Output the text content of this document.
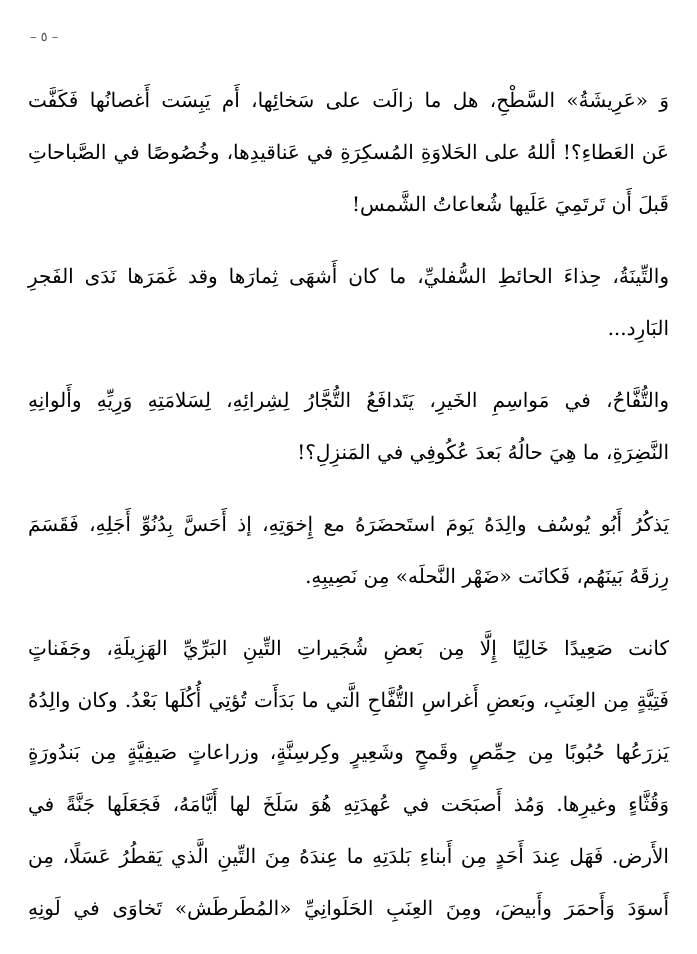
– ٥ –

وَ «عَرِيشَةُ» السَّطْحِ، هل ما زالَت على سَخائِها، أَم يَبِسَت أَغصانُها فَكَفَّت
عَن العَطاءِ؟! أللهُ على الحَلاوَةِ المُسكِرَةِ في عَناقيدِها، وخُصُوصًا في الصَّباحاتِ
قَبلَ أَن تَرتَمِيَ عَلَيها شُعاعاتُ الشَّمس!

والتِّينَةُ، حِذاءَ الحائطِ السُّفليِّ، ما كان أَشهَى ثِمارَها وقد غَمَرَها نَدَى الفَجرِ
البَارِد...

والتُّفَّاحُ، في مَواسِمِ الخَيرِ، يَتَدافَعُ التُّجَّارُ لِشِرائِهِ، لِسَلامَتِهِ وَرِيِّهِ وأَلوانِهِ
النَّضِرَةِ، ما هِيَ حالُهُ بَعدَ عُكُوفِي في المَنزِلِ؟!

يَذكُرُ أَبُو يُوسُف والِدَهُ يَومَ استَحضَرَهُ مع إِخوَتِهِ، إذ أَحَسَّ بِدُنُوِّ أَجَلِهِ، فَقَسَمَ
رِزقَهُ بَينَهُم، فَكانَت «ضَهْر النَّحلَه» مِن نَصِيبِهِ.

كانت صَعِيدًا خَالِيًا إِلَّا مِن بَعضِ شُجَيراتِ التِّينِ البَرِّيِّ الهَزِيلَةِ، وجَفَناتٍ
فَتِيَّةٍ مِن العِنَبِ، وبَعضِ أَغراسِ التُّفَّاحِ الَّتي ما بَدَأَت تُؤتِي أُكُلَها بَعْدُ. وكان والِدُهُ
يَزرَعُها حُبُوبًا مِن حِمِّصٍ وقَمحٍ وشَعِيرٍ وكِرسِنَّةٍ، وزراعاتٍ صَيفِيَّةٍ مِن بَندُورَةٍ
وَقُثَّاءٍ وغيرِها. وَمُذ أَصبَحَت في عُهدَتِهِ هُوَ سَلَخَ لها أَيَّامَهُ، فَجَعَلَها جَنَّةً في
الأَرض. فَهَل عِندَ أَحَدٍ مِن أَبناءِ بَلدَتِهِ ما عِندَهُ مِنَ التِّينِ الَّذي يَقطُرُ عَسَلًا، مِن
أَسوَدَ وَأَحمَرَ وأَبيضَ، ومِنَ العِنَبِ الحَلَوانِيِّ «المُطَرطَش» تَخاوَى في لَونِهِ
